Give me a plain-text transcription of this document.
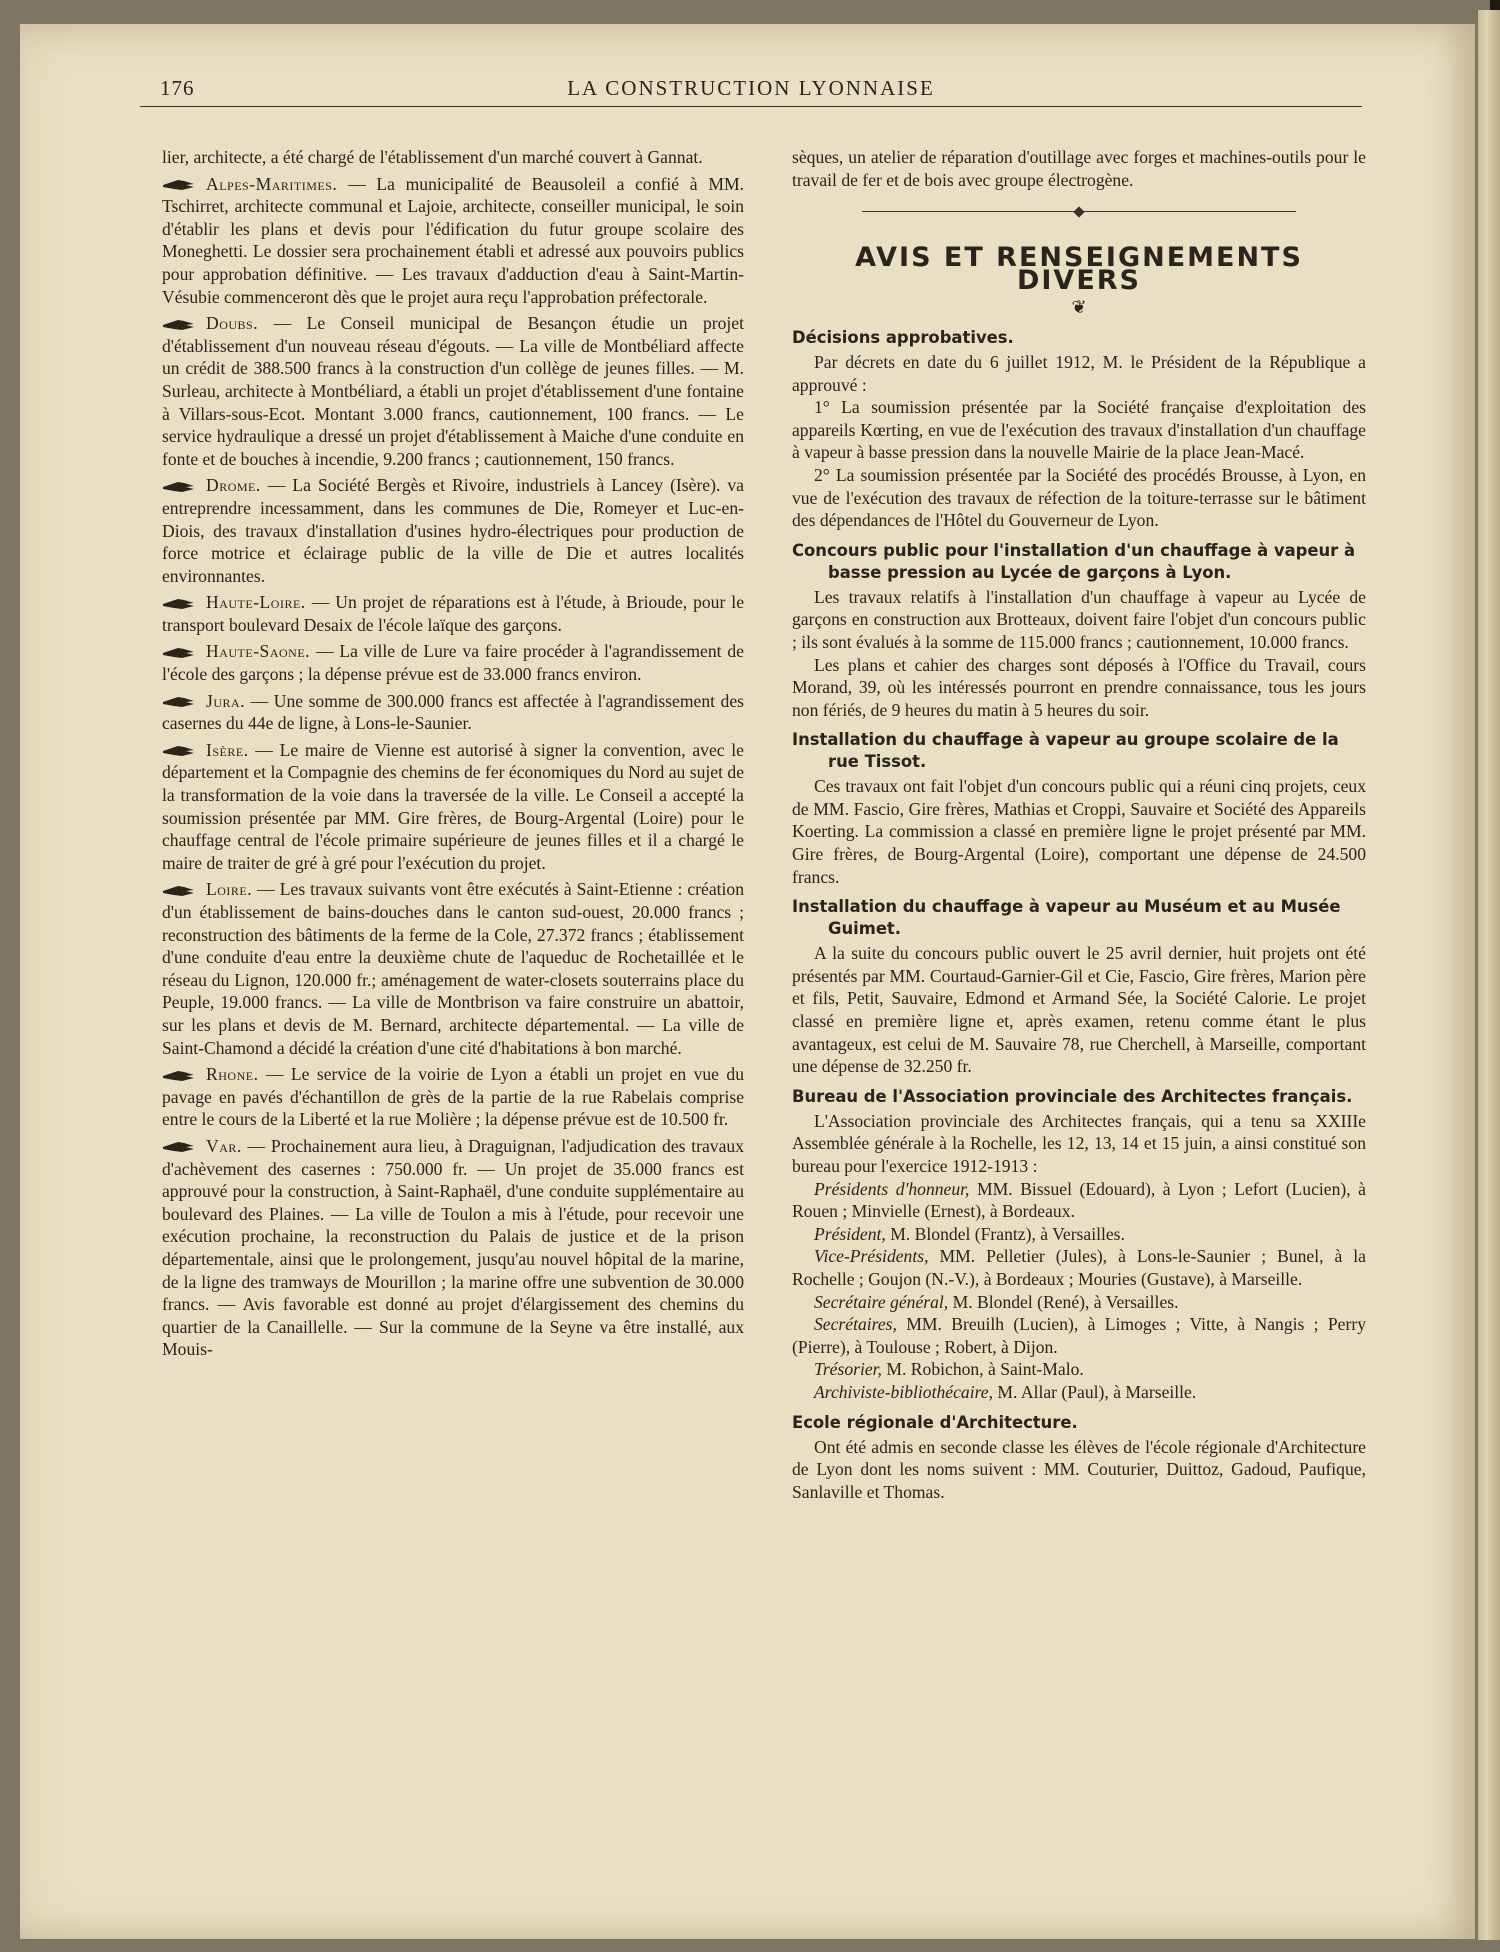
176	LA CONSTRUCTION LYONNAISE

lier, architecte, a été chargé de l'établissement d'un marché couvert à Gannat.

Alpes-Maritimes. — La municipalité de Beausoleil a confié à MM. Tschirret, architecte communal et Lajoie, architecte, conseiller municipal, le soin d'établir les plans et devis pour l'édification du futur groupe scolaire des Moneghetti. Le dossier sera prochainement établi et adressé aux pouvoirs publics pour approbation définitive. — Les travaux d'adduction d'eau à Saint-Martin-Vésubie commenceront dès que le projet aura reçu l'approbation préfectorale.

Doubs. — Le Conseil municipal de Besançon étudie un projet d'établissement d'un nouveau réseau d'égouts. — La ville de Montbéliard affecte un crédit de 388.500 francs à la construction d'un collège de jeunes filles. — M. Surleau, architecte à Montbéliard, a établi un projet d'établissement d'une fontaine à Villars-sous-Ecot. Montant 3.000 francs, cautionnement, 100 francs. — Le service hydraulique a dressé un projet d'établissement à Maiche d'une conduite en fonte et de bouches à incendie, 9.200 francs ; cautionnement, 150 francs.

Drome. — La Société Bergès et Rivoire, industriels à Lancey (Isère). va entreprendre incessamment, dans les communes de Die, Romeyer et Luc-en-Diois, des travaux d'installation d'usines hydro-électriques pour production de force motrice et éclairage public de la ville de Die et autres localités environnantes.

Haute-Loire. — Un projet de réparations est à l'étude, à Brioude, pour le transport boulevard Desaix de l'école laïque des garçons.

Haute-Saone. — La ville de Lure va faire procéder à l'agrandissement de l'école des garçons ; la dépense prévue est de 33.000 francs environ.

Jura. — Une somme de 300.000 francs est affectée à l'agrandissement des casernes du 44e de ligne, à Lons-le-Saunier.

Isère. — Le maire de Vienne est autorisé à signer la convention, avec le département et la Compagnie des chemins de fer économiques du Nord au sujet de la transformation de la voie dans la traversée de la ville. Le Conseil a accepté la soumission présentée par MM. Gire frères, de Bourg-Argental (Loire) pour le chauffage central de l'école primaire supérieure de jeunes filles et il a chargé le maire de traiter de gré à gré pour l'exécution du projet.

Loire. — Les travaux suivants vont être exécutés à Saint-Etienne : création d'un établissement de bains-douches dans le canton sud-ouest, 20.000 francs ; reconstruction des bâtiments de la ferme de la Cole, 27.372 francs ; établissement d'une conduite d'eau entre la deuxième chute de l'aqueduc de Rochetaillée et le réseau du Lignon, 120.000 fr.; aménagement de water-closets souterrains place du Peuple, 19.000 francs. — La ville de Montbrison va faire construire un abattoir, sur les plans et devis de M. Bernard, architecte départemental. — La ville de Saint-Chamond a décidé la création d'une cité d'habitations à bon marché.

Rhone. — Le service de la voirie de Lyon a établi un projet en vue du pavage en pavés d'échantillon de grès de la partie de la rue Rabelais comprise entre le cours de la Liberté et la rue Molière ; la dépense prévue est de 10.500 fr.

Var. — Prochainement aura lieu, à Draguignan, l'adjudication des travaux d'achèvement des casernes : 750.000 fr. — Un projet de 35.000 francs est approuvé pour la construction, à Saint-Raphaël, d'une conduite supplémentaire au boulevard des Plaines. — La ville de Toulon a mis à l'étude, pour recevoir une exécution prochaine, la reconstruction du Palais de justice et de la prison départementale, ainsi que le prolongement, jusqu'au nouvel hôpital de la marine, de la ligne des tramways de Mourillon ; la marine offre une subvention de 30.000 francs. — Avis favorable est donné au projet d'élargissement des chemins du quartier de la Canaillelle. — Sur la commune de la Seyne va être installé, aux Mouis-

sèques, un atelier de réparation d'outillage avec forges et machines-outils pour le travail de fer et de bois avec groupe électrogène.

AVIS ET RENSEIGNEMENTS DIVERS
❦

Décisions approbatives.

Par décrets en date du 6 juillet 1912, M. le Président de la République a approuvé :

1° La soumission présentée par la Société française d'exploitation des appareils Kœrting, en vue de l'exécution des travaux d'installation d'un chauffage à vapeur à basse pression dans la nouvelle Mairie de la place Jean-Macé.

2° La soumission présentée par la Société des procédés Brousse, à Lyon, en vue de l'exécution des travaux de réfection de la toiture-terrasse sur le bâtiment des dépendances de l'Hôtel du Gouverneur de Lyon.

Concours public pour l'installation d'un chauffage à vapeur à basse pression au Lycée de garçons à Lyon.

Les travaux relatifs à l'installation d'un chauffage à vapeur au Lycée de garçons en construction aux Brotteaux, doivent faire l'objet d'un concours public ; ils sont évalués à la somme de 115.000 francs ; cautionnement, 10.000 francs.

Les plans et cahier des charges sont déposés à l'Office du Travail, cours Morand, 39, où les intéressés pourront en prendre connaissance, tous les jours non fériés, de 9 heures du matin à 5 heures du soir.

Installation du chauffage à vapeur au groupe scolaire de la rue Tissot.

Ces travaux ont fait l'objet d'un concours public qui a réuni cinq projets, ceux de MM. Fascio, Gire frères, Mathias et Croppi, Sauvaire et Société des Appareils Koerting. La commission a classé en première ligne le projet présenté par MM. Gire frères, de Bourg-Argental (Loire), comportant une dépense de 24.500 francs.

Installation du chauffage à vapeur au Muséum et au Musée Guimet.

A la suite du concours public ouvert le 25 avril dernier, huit projets ont été présentés par MM. Courtaud-Garnier-Gil et Cie, Fascio, Gire frères, Marion père et fils, Petit, Sauvaire, Edmond et Armand Sée, la Société Calorie. Le projet classé en première ligne et, après examen, retenu comme étant le plus avantageux, est celui de M. Sauvaire 78, rue Cherchell, à Marseille, comportant une dépense de 32.250 fr.

Bureau de l'Association provinciale des Architectes français.

L'Association provinciale des Architectes français, qui a tenu sa XXIIIe Assemblée générale à la Rochelle, les 12, 13, 14 et 15 juin, a ainsi constitué son bureau pour l'exercice 1912-1913 :

Présidents d'honneur, MM. Bissuel (Edouard), à Lyon ; Lefort (Lucien), à Rouen ; Minvielle (Ernest), à Bordeaux.

Président, M. Blondel (Frantz), à Versailles.

Vice-Présidents, MM. Pelletier (Jules), à Lons-le-Saunier ; Bunel, à la Rochelle ; Goujon (N.-V.), à Bordeaux ; Mouries (Gustave), à Marseille.

Secrétaire général, M. Blondel (René), à Versailles.

Secrétaires, MM. Breuilh (Lucien), à Limoges ; Vitte, à Nangis ; Perry (Pierre), à Toulouse ; Robert, à Dijon.

Trésorier, M. Robichon, à Saint-Malo.

Archiviste-bibliothécaire, M. Allar (Paul), à Marseille.

Ecole régionale d'Architecture.

Ont été admis en seconde classe les élèves de l'école régionale d'Architecture de Lyon dont les noms suivent : MM. Couturier, Duittoz, Gadoud, Paufique, Sanlaville et Thomas.
